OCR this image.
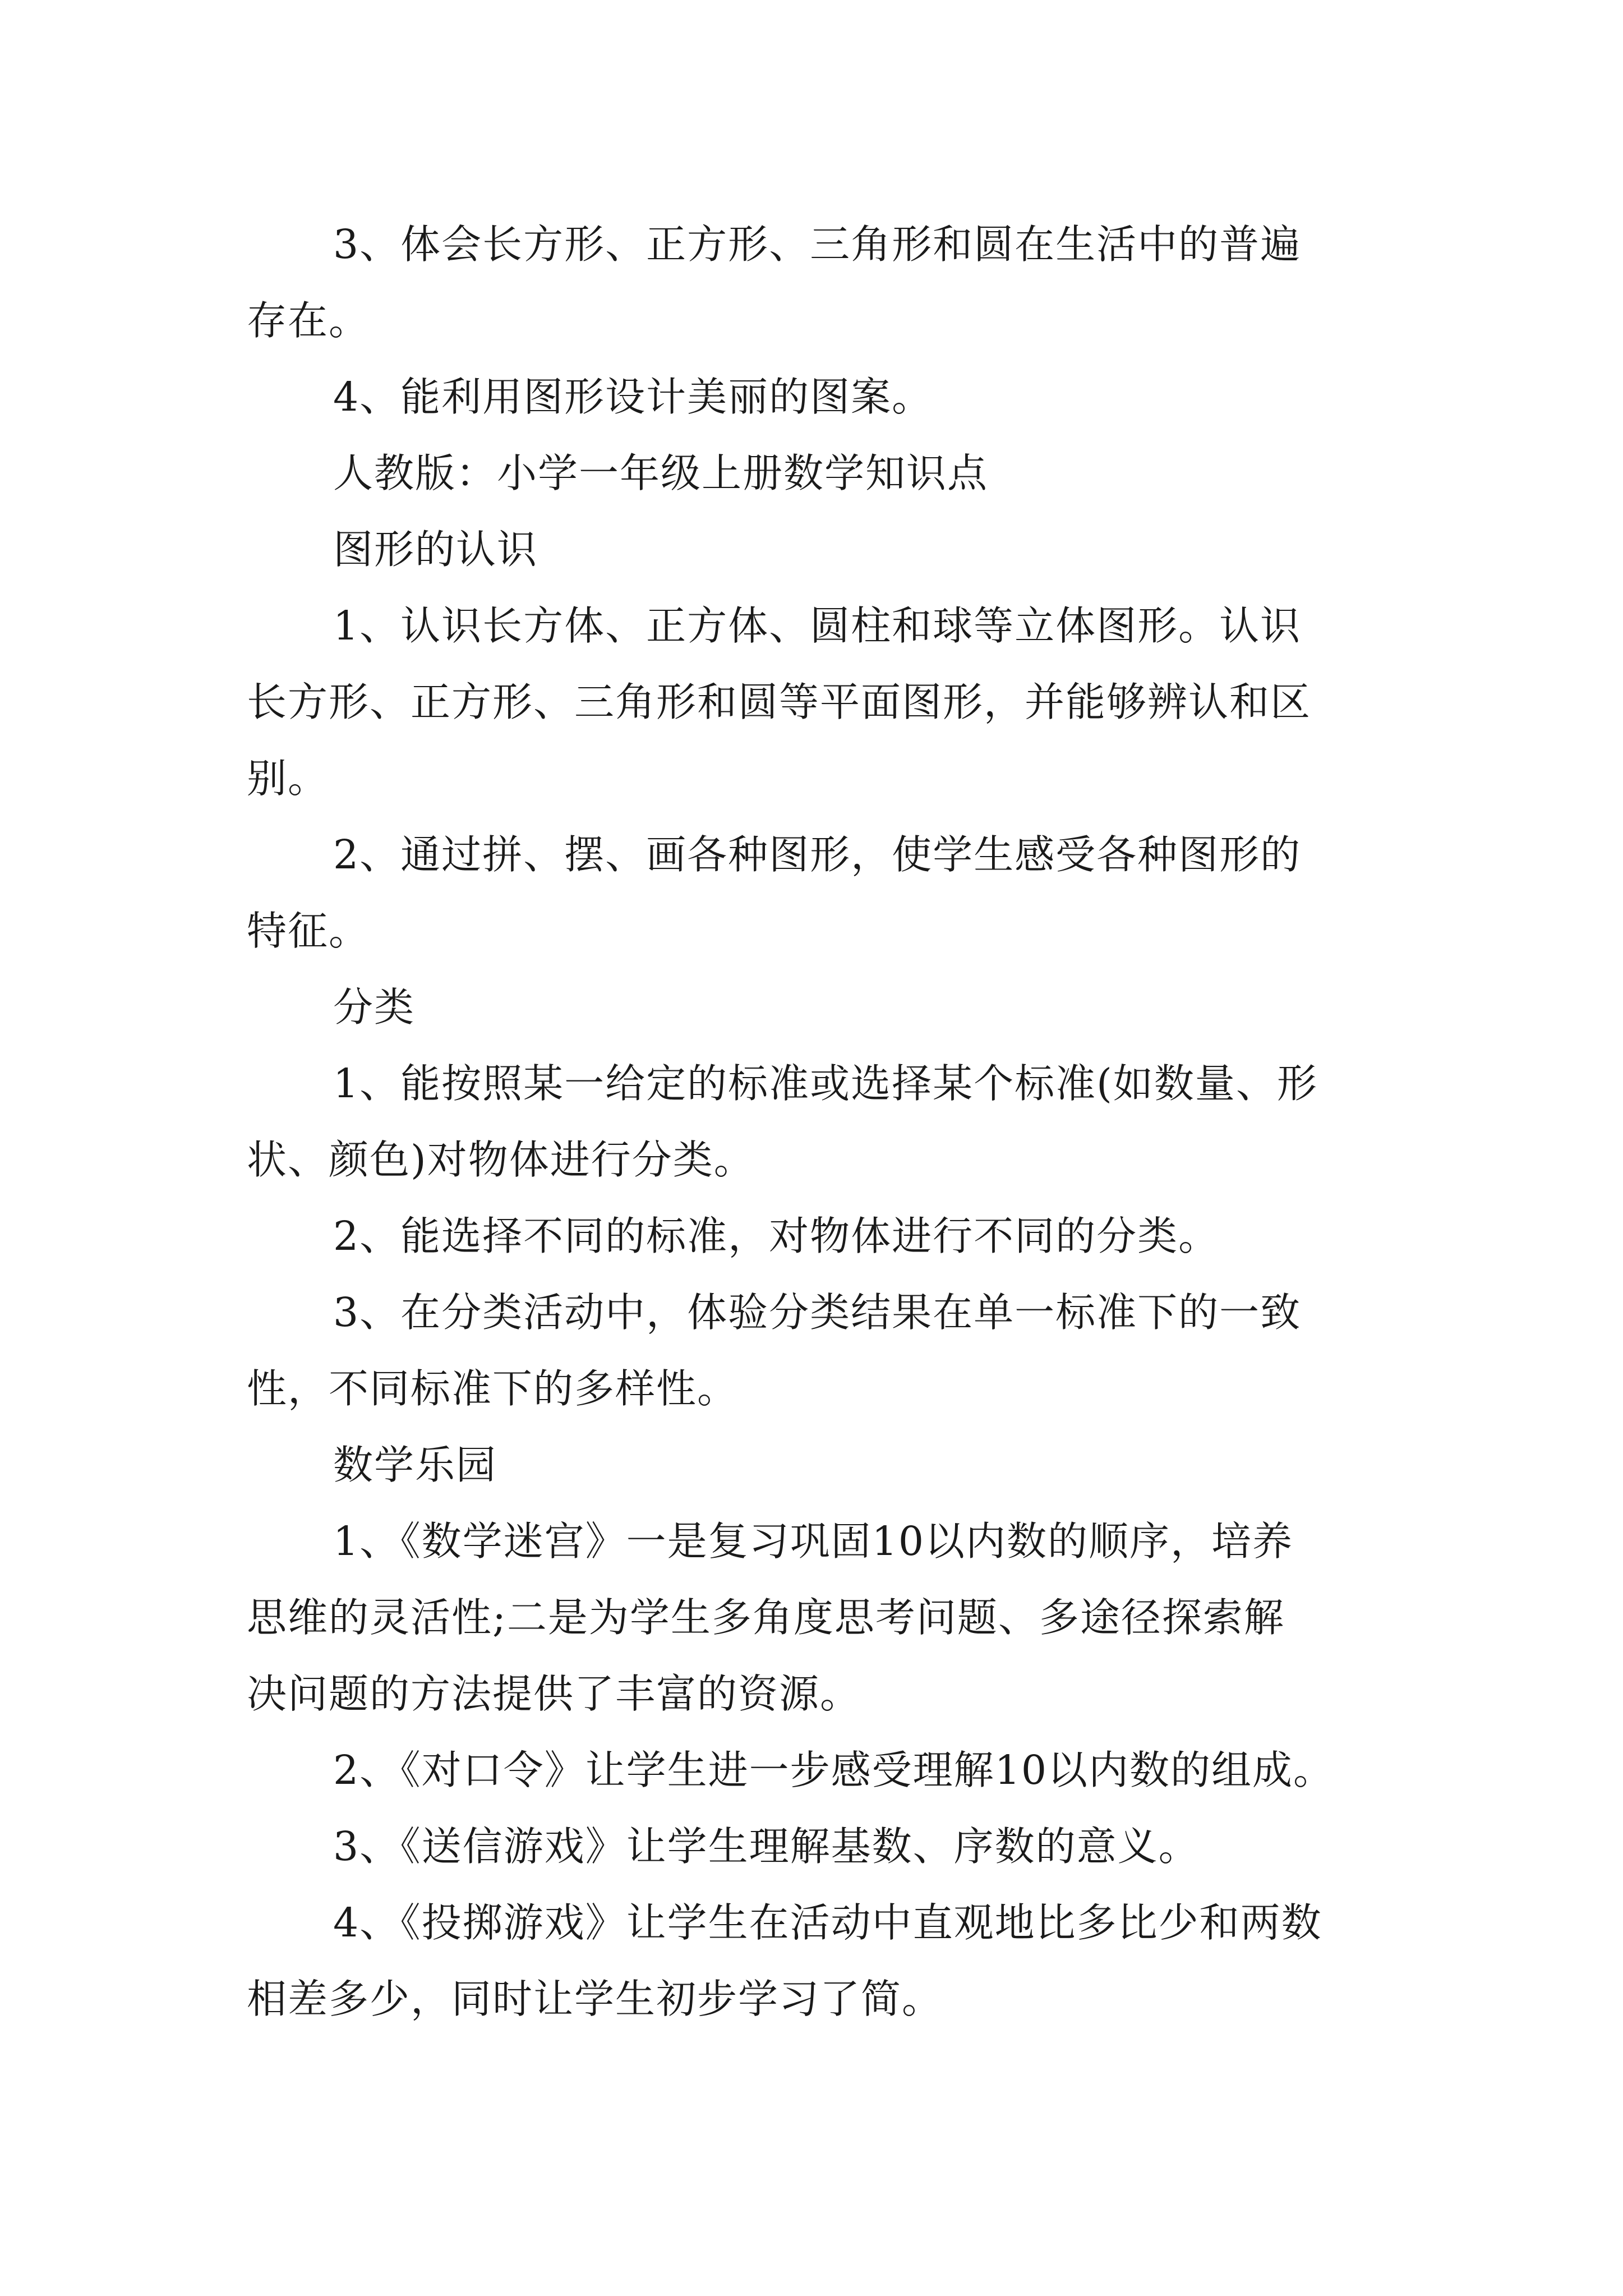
3、体会长方形、正方形、三角形和圆在生活中的普遍
存在。
4、能利用图形设计美丽的图案。
人教版：小学一年级上册数学知识点
图形的认识
1、认识长方体、正方体、圆柱和球等立体图形。认识
长方形、正方形、三角形和圆等平面图形，并能够辨认和区
别。
2、通过拼、摆、画各种图形，使学生感受各种图形的
特征。
分类
1、能按照某一给定的标准或选择某个标准(如数量、形
状、颜色)对物体进行分类。
2、能选择不同的标准，对物体进行不同的分类。
3、在分类活动中，体验分类结果在单一标准下的一致
性，不同标准下的多样性。
数学乐园
1、《数学迷宫》一是复习巩固10以内数的顺序，培养
思维的灵活性;二是为学生多角度思考问题、多途径探索解
决问题的方法提供了丰富的资源。
2、《对口令》让学生进一步感受理解10以内数的组成。
3、《送信游戏》让学生理解基数、序数的意义。
4、《投掷游戏》让学生在活动中直观地比多比少和两数
相差多少，同时让学生初步学习了简。
